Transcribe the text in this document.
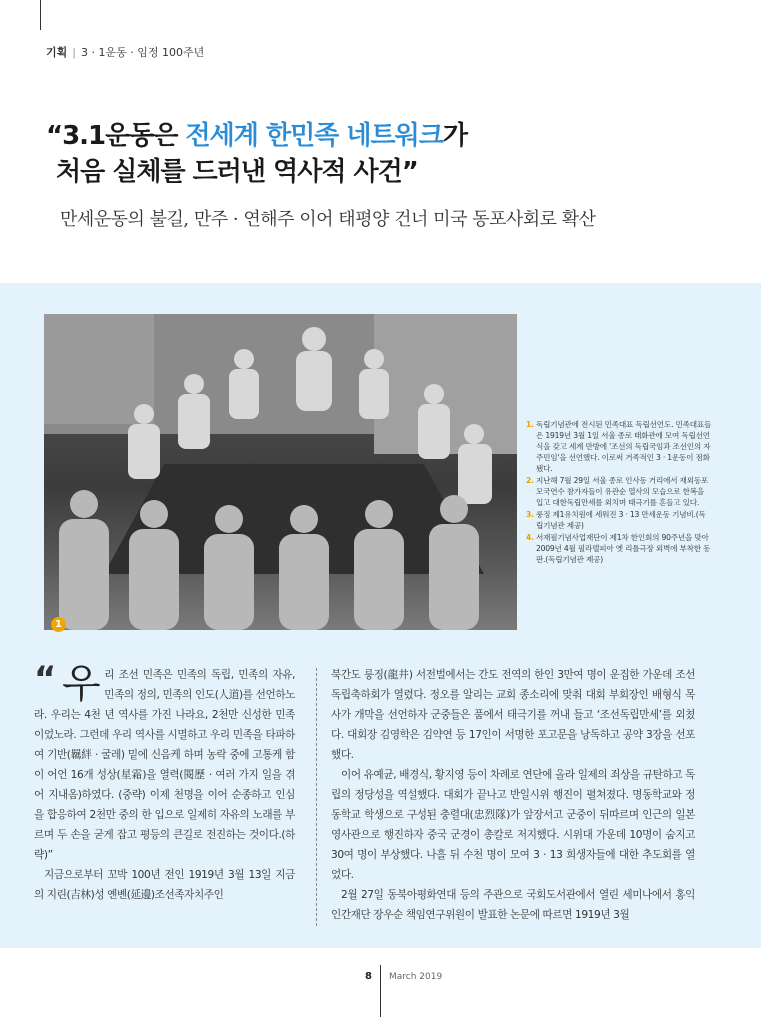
기획 | 3 · 1운동 · 임정 100주년
“3.1운동은 전세계 한민족 네트워크가
처음 실체를 드러낸 역사적 사건”
만세운동의 불길, 만주 · 연해주 이어 태평양 건너 미국 동포사회로 확산
1
1. 독립기념관에 전시된 민족대표 독립선언도. 민족대표들은 1919년 3월 1일 서울 종로 태화관에 모여 독립선언식을 갖고 세계 만방에 '조선의 독립국임과 조선인의 자주민임'을 선언했다. 이로써 거족적인 3 · 1운동이 점화됐다.
2. 지난해 7월 29일 서울 종로 인사동 거리에서 재외동포 모국연수 참가자들이 유관순 열사의 모습으로 한복을 입고 대한독립만세를 외치며 태극기를 흔들고 있다.
3. 룽징 제1유치원에 세워진 3 · 13 만세운동 기념비.(독립기념관 제공)
4. 서재필기념사업재단이 제1차 한인회의 90주년을 맞아 2009년 4월 필라델피아 옛 리틀극장 외벽에 부착한 동판.(독립기념관 제공)
“ 우리 조선 민족은 민족의 독립, 민족의 자유, 민족의 정의, 민족의 인도(人道)를 선언하노라. 우리는 4천 년 역사를 가진 나라요, 2천만 신성한 민족이었노라. 그런데 우리 역사를 시멸하고 우리 민족을 타파하여 기반(羈絆 · 굴레) 밑에 신음케 하며 농락 중에 고통케 함이 어언 16개 성상(星霜)을 열력(閱歷 · 여러 가지 일을 겪어 지내옴)하였다. (중략) 이제 천명을 이어 순종하고 인심을 합응하여 2천만 중의 한 입으로 일제히 자유의 노래를 부르며 두 손을 굳게 잡고 평등의 큰길로 전진하는 것이다.(하략)”

지금으로부터 꼬박 100년 전인 1919년 3월 13일 지금의 지린(吉林)성 옌볜(延邊)조선족자치주인

북간도 룽징(龍井) 서전벌에서는 간도 전역의 한인 3만여 명이 운집한 가운데 조선독립축하회가 열렸다. 정오를 알리는 교회 종소리에 맞춰 대회 부회장인 배형식 목사가 개막을 선언하자 군중들은 품에서 태극기를 꺼내 들고 ‘조선독립만세’를 외쳤다. 대회장 김영학은 김약연 등 17인이 서명한 포고문을 낭독하고 공약 3장을 선포했다.

이어 유예균, 배경식, 황지영 등이 차례로 연단에 올라 일제의 죄상을 규탄하고 독립의 정당성을 역설했다. 대회가 끝나고 반일시위 행진이 펼쳐졌다. 명동학교와 정동학교 학생으로 구성된 충렬대(忠烈隊)가 앞장서고 군중이 뒤따르며 인근의 일본영사관으로 행진하자 중국 군경이 총칼로 저지했다. 시위대 가운데 10명이 숨지고 30여 명이 부상했다. 나흘 뒤 수천 명이 모여 3 · 13 희생자들에 대한 추도회를 열었다.

2월 27일 동북아평화연대 등의 주관으로 국회도서관에서 열린 세미나에서 홍익인간재단 장우순 책임연구위원이 발표한 논문에 따르면 1919년 3월

8 March 2019
